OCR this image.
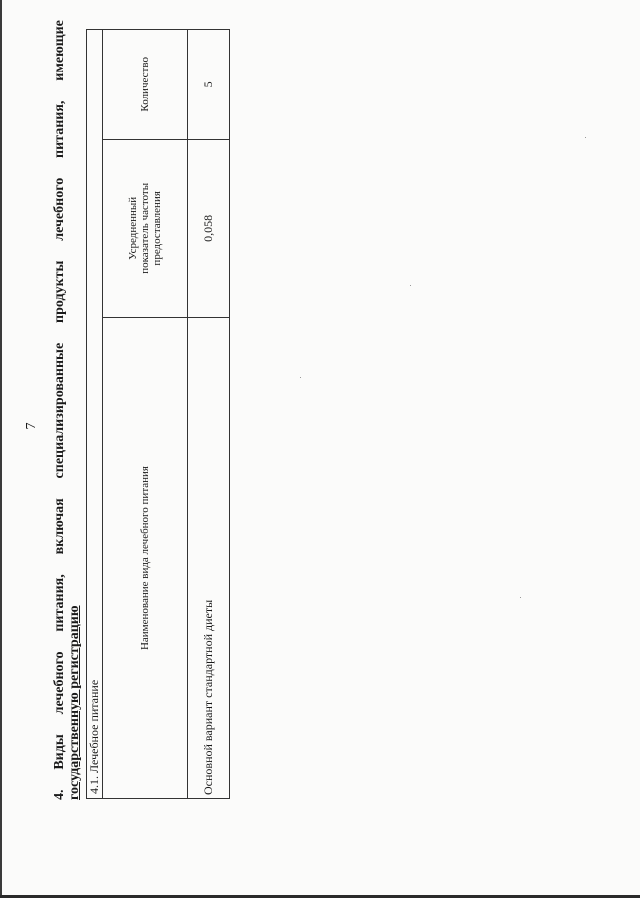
7
4.
Виды
лечебного
питания,
включая
специализированные
продукты
лечебного
питания,
имеющие
государственную регистрацию 4.1. Лечебное питание		
Наименование вида лечебного питания	Усредненный показатель частоты предоставления	Количество
Основной вариант стандартной диеты	0,058	5
